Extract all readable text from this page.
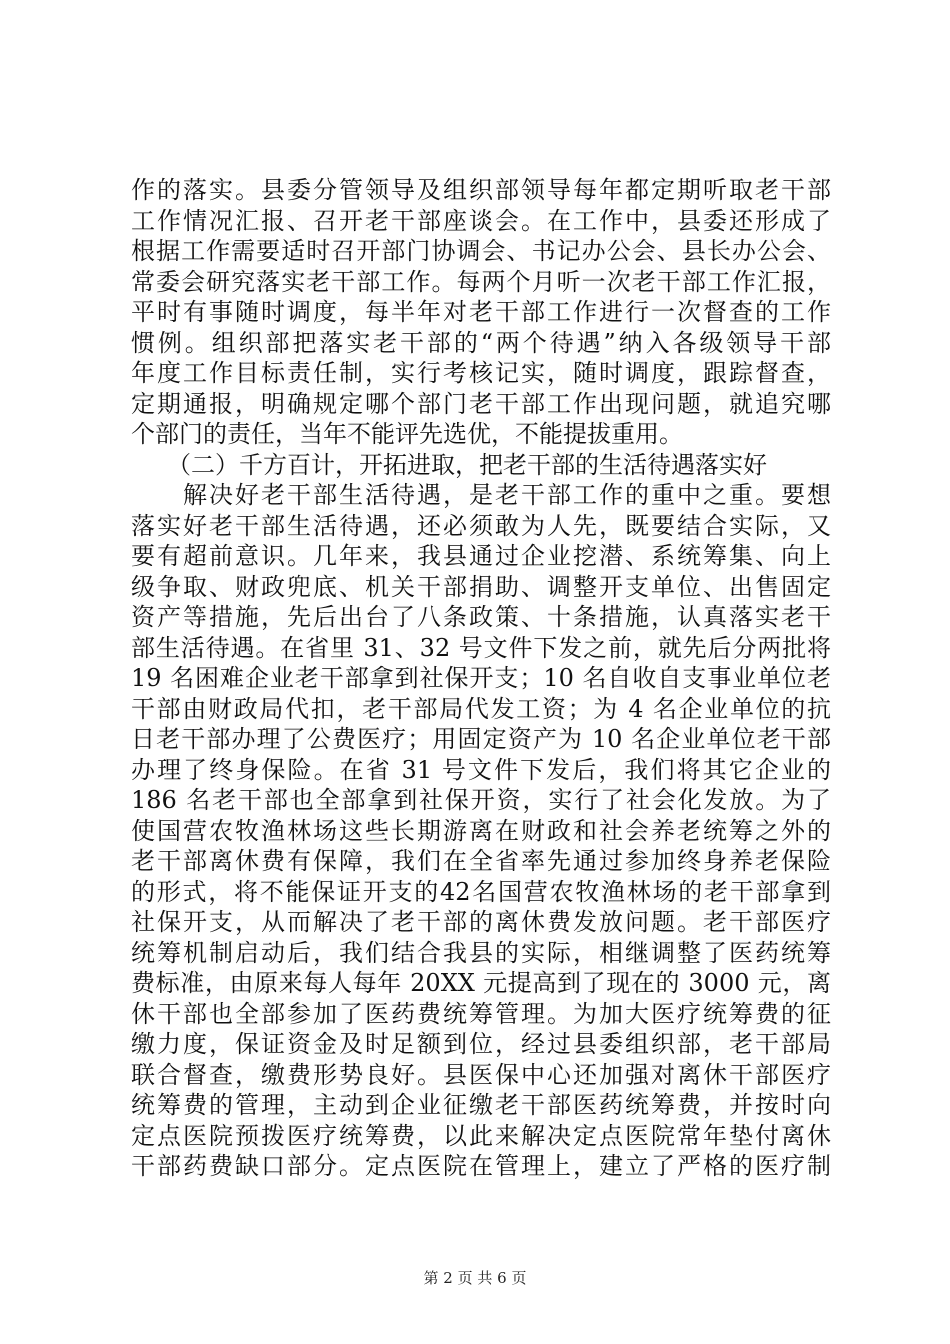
作的落实。县委分管领导及组织部领导每年都定期听取老干部
工作情况汇报、召开老干部座谈会。在工作中，县委还形成了
根据工作需要适时召开部门协调会、书记办公会、县长办公会、
常委会研究落实老干部工作。每两个月听一次老干部工作汇报，
平时有事随时调度，每半年对老干部工作进行一次督查的工作
惯例。组织部把落实老干部的“两个待遇”纳入各级领导干部
年度工作目标责任制，实行考核记实，随时调度，跟踪督查，
定期通报，明确规定哪个部门老干部工作出现问题，就追究哪
个部门的责任，当年不能评先选优，不能提拔重用。
　　（二）千方百计，开拓进取，把老干部的生活待遇落实好
　　解决好老干部生活待遇，是老干部工作的重中之重。要想
落实好老干部生活待遇，还必须敢为人先，既要结合实际，又
要有超前意识。几年来，我县通过企业挖潜、系统筹集、向上
级争取、财政兜底、机关干部捐助、调整开支单位、出售固定
资产等措施，先后出台了八条政策、十条措施，认真落实老干
部生活待遇。在省里 31、32 号文件下发之前，就先后分两批将
19 名困难企业老干部拿到社保开支；10 名自收自支事业单位老
干部由财政局代扣，老干部局代发工资；为 4 名企业单位的抗
日老干部办理了公费医疗；用固定资产为 10 名企业单位老干部
办理了终身保险。在省 31 号文件下发后，我们将其它企业的
186 名老干部也全部拿到社保开资，实行了社会化发放。为了
使国营农牧渔林场这些长期游离在财政和社会养老统筹之外的
老干部离休费有保障，我们在全省率先通过参加终身养老保险
的形式，将不能保证开支的42名国营农牧渔林场的老干部拿到
社保开支，从而解决了老干部的离休费发放问题。老干部医疗
统筹机制启动后，我们结合我县的实际，相继调整了医药统筹
费标准，由原来每人每年 20XX 元提高到了现在的 3000 元，离
休干部也全部参加了医药费统筹管理。为加大医疗统筹费的征
缴力度，保证资金及时足额到位，经过县委组织部，老干部局
联合督查，缴费形势良好。县医保中心还加强对离休干部医疗
统筹费的管理，主动到企业征缴老干部医药统筹费，并按时向
定点医院预拨医疗统筹费，以此来解决定点医院常年垫付离休
干部药费缺口部分。定点医院在管理上，建立了严格的医疗制
第 2 页 共 6 页
